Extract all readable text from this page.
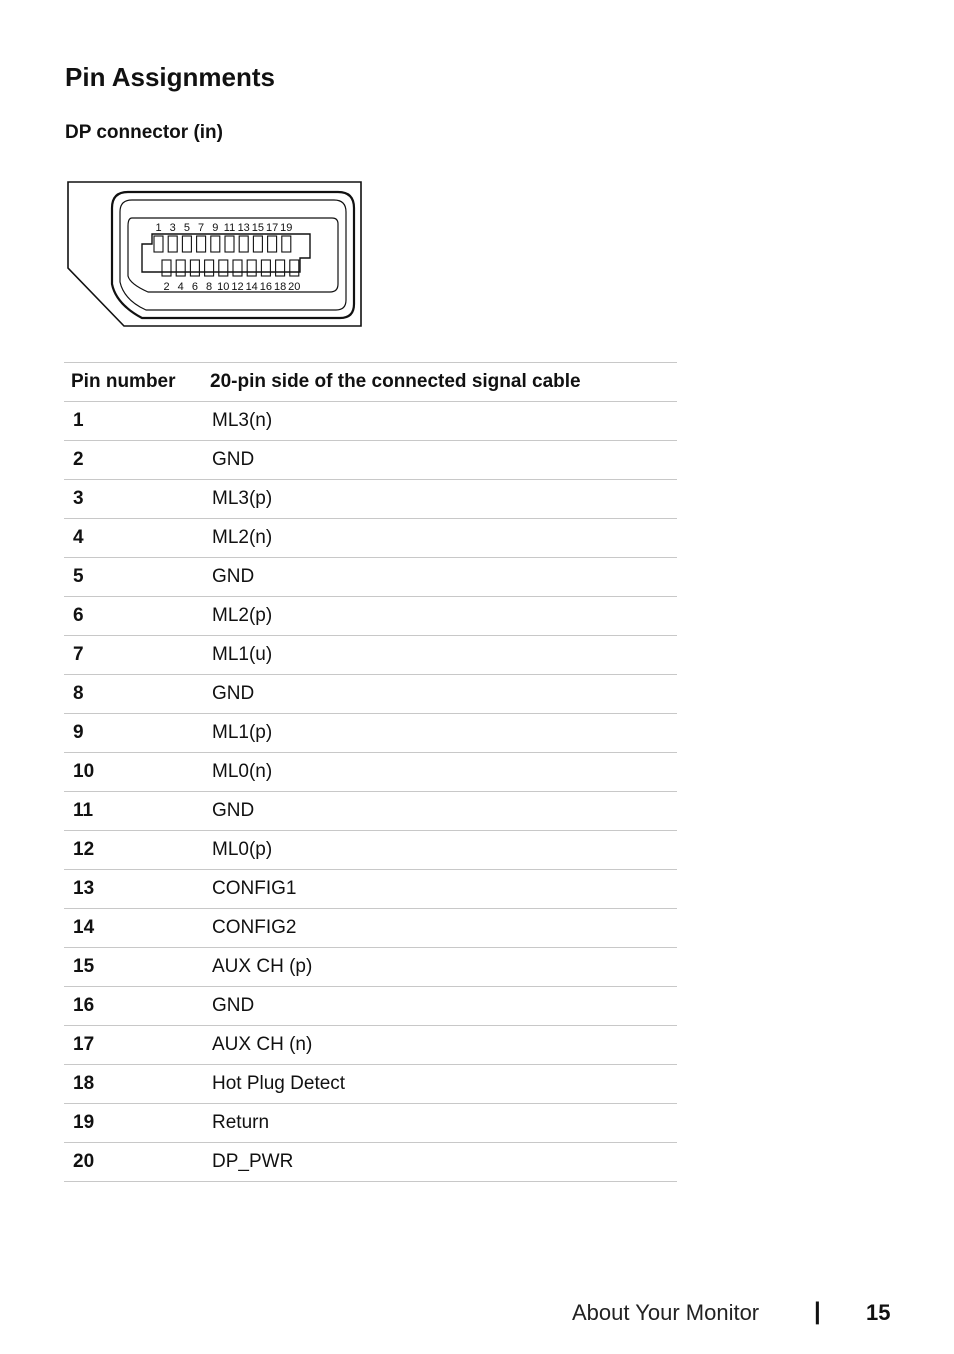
Pin Assignments
DP connector (in)
1 3 5 7 9 11 13 15 17 19
2 4 6 8 10 12 14 16 18 20
Pin number	20-pin side of the connected signal cable
1	ML3(n)
2	GND
3	ML3(p)
4	ML2(n)
5	GND
6	ML2(p)
7	ML1(u)
8	GND
9	ML1(p)
10	ML0(n)
11	GND
12	ML0(p)
13	CONFIG1
14	CONFIG2
15	AUX CH (p)
16	GND
17	AUX CH (n)
18	Hot Plug Detect
19	Return
20	DP_PWR
About Your Monitor | 15
